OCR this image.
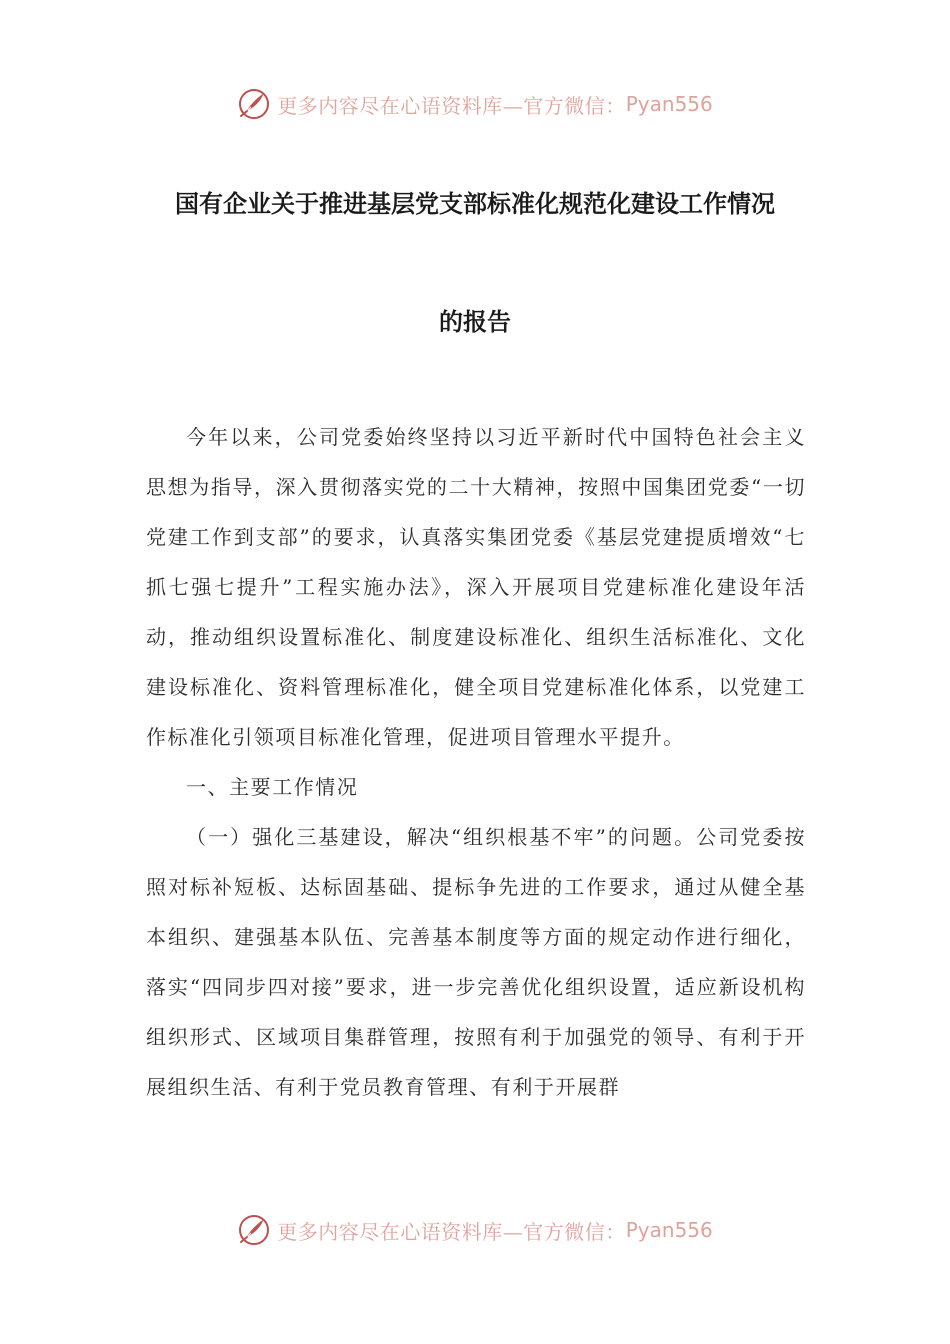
更多内容尽在心语资料库—官方微信： Pyan556
国有企业关于推进基层党支部标准化规范化建设工作情况
的报告

今年以来，公司党委始终坚持以习近平新时代中国特色社会主义思想为指导，深入贯彻落实党的二十大精神，按照中国集团党委“一切党建工作到支部”的要求，认真落实集团党委《基层党建提质增效“七抓七强七提升”工程实施办法》，深入开展项目党建标准化建设年活动，推动组织设置标准化、制度建设标准化、组织生活标准化、文化建设标准化、资料管理标准化，健全项目党建标准化体系，以党建工作标准化引领项目标准化管理，促进项目管理水平提升。

一、主要工作情况

（一）强化三基建设，解决“组织根基不牢”的问题。公司党委按照对标补短板、达标固基础、提标争先进的工作要求，通过从健全基本组织、建强基本队伍、完善基本制度等方面的规定动作进行细化，落实“四同步四对接”要求，进一步完善优化组织设置，适应新设机构组织形式、区域项目集群管理，按照有利于加强党的领导、有利于开展组织生活、有利于党员教育管理、有利于开展群

更多内容尽在心语资料库—官方微信： Pyan556
